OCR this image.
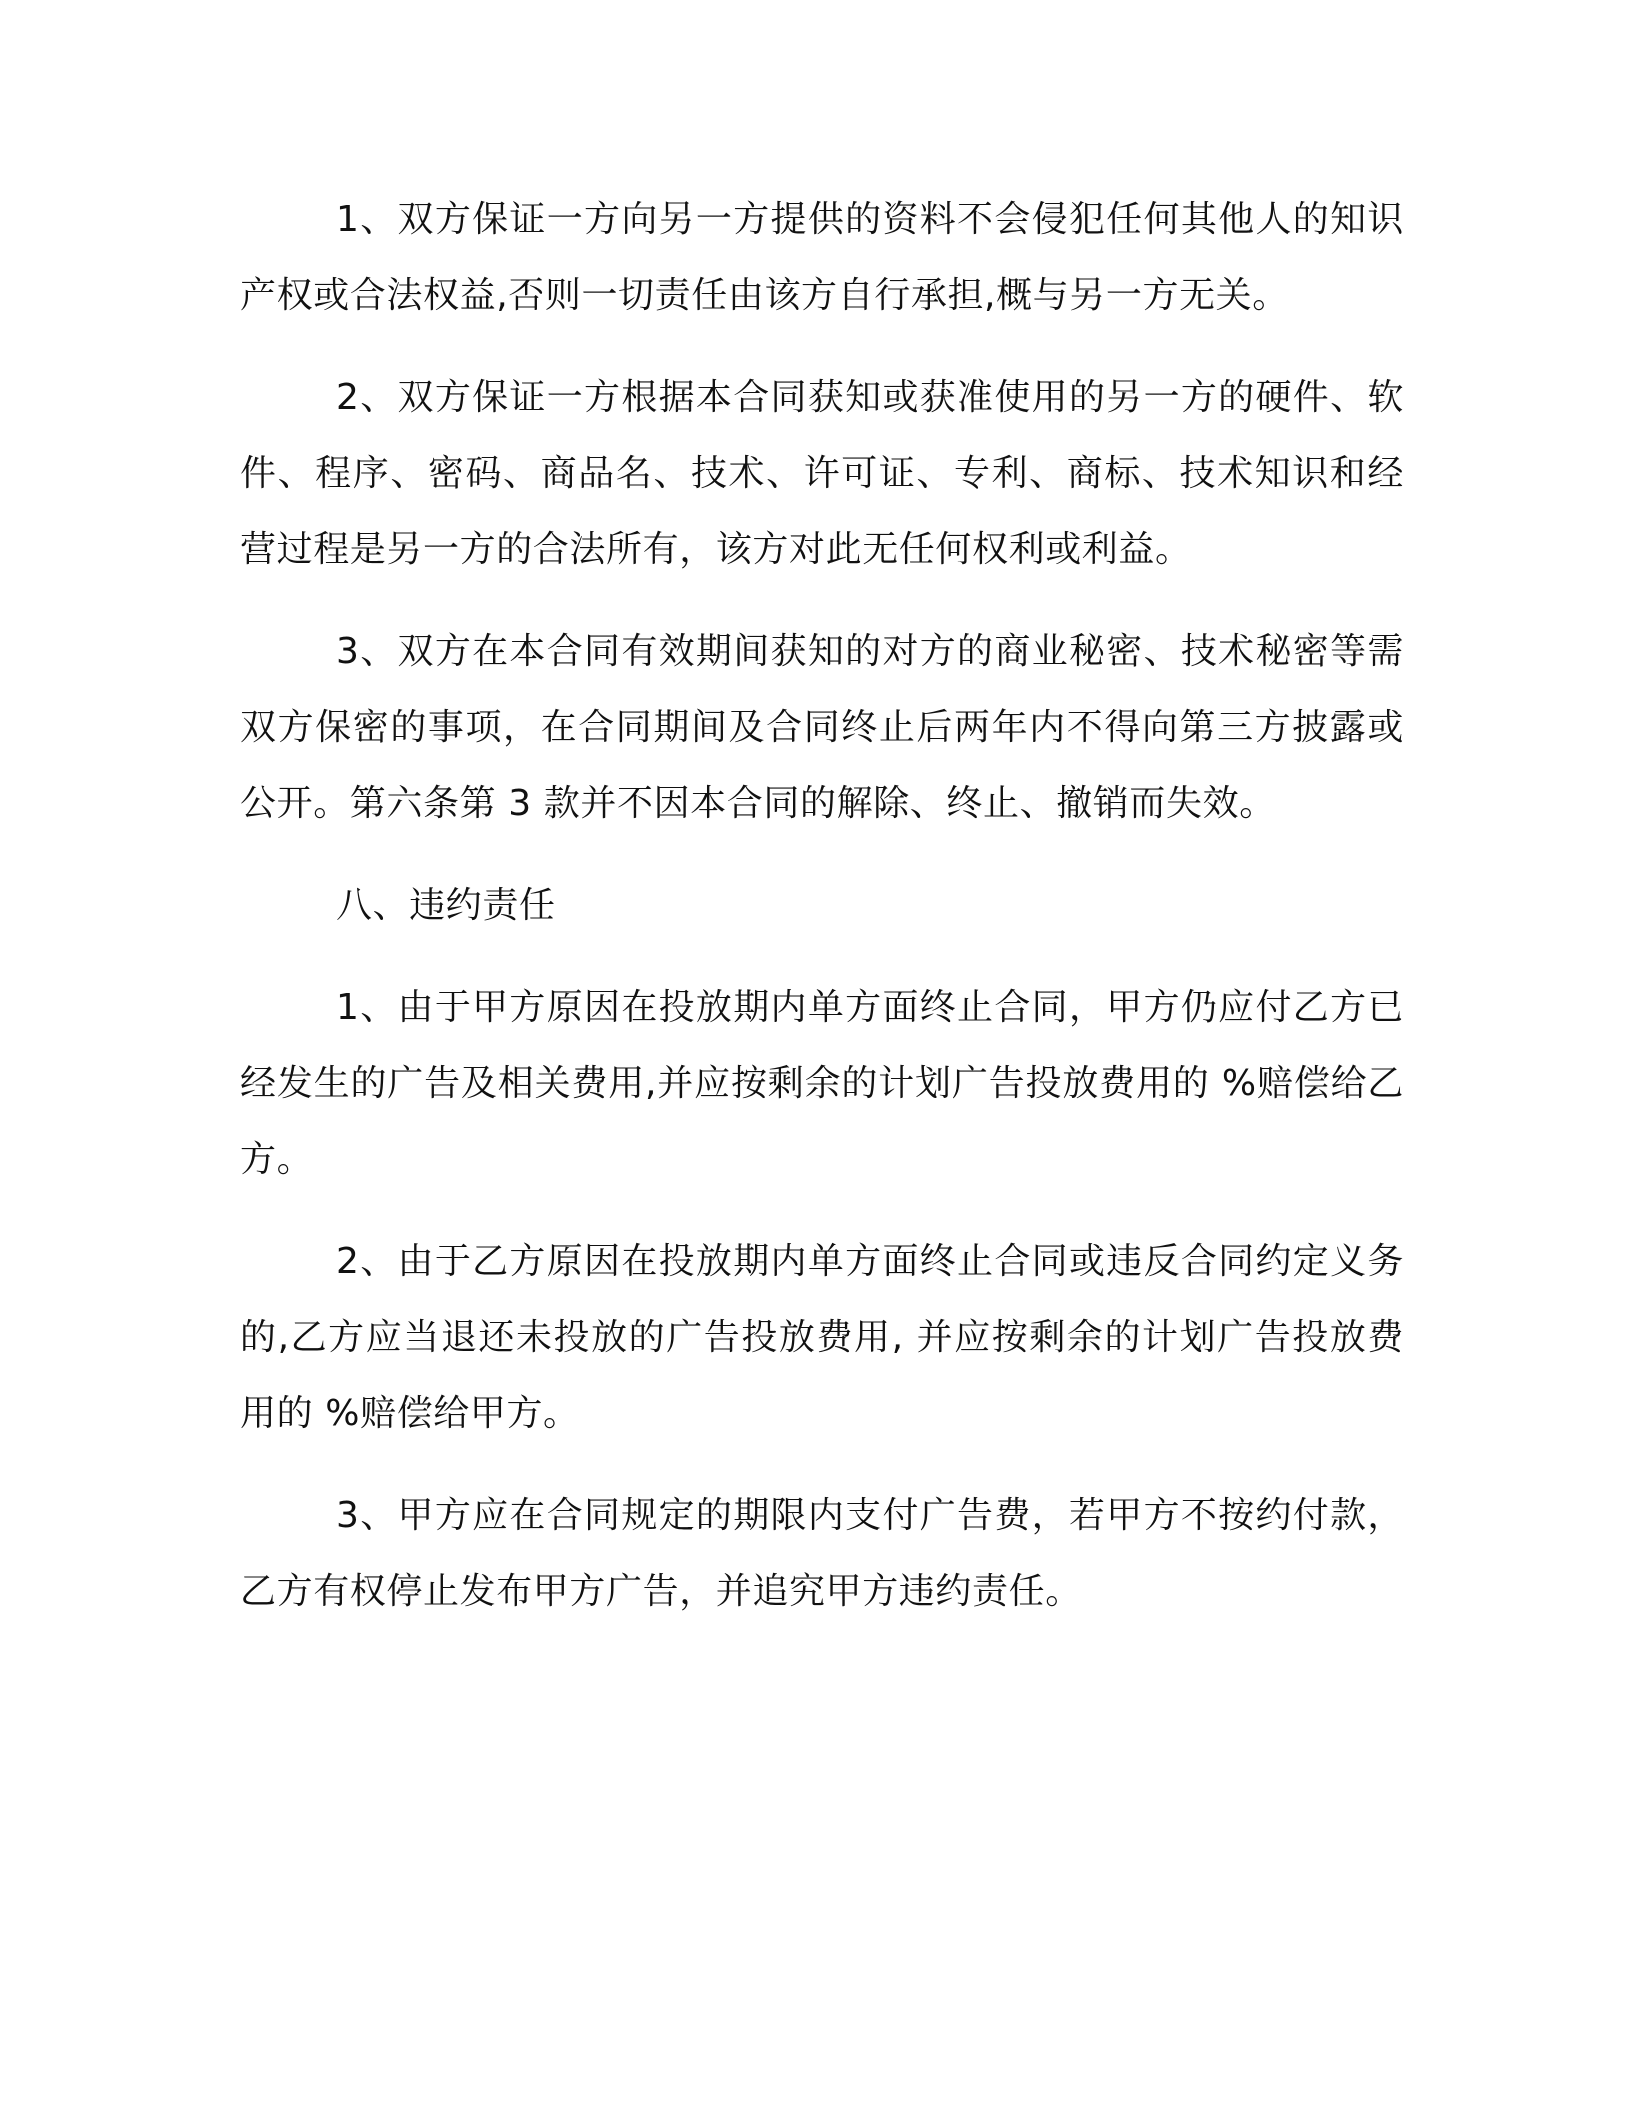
1、双方保证一方向另一方提供的资料不会侵犯任何其他人的知识产权或合法权益,否则一切责任由该方自行承担,概与另一方无关。

2、双方保证一方根据本合同获知或获准使用的另一方的硬件、软件、程序、密码、商品名、技术、许可证、专利、商标、技术知识和经营过程是另一方的合法所有，该方对此无任何权利或利益。

3、双方在本合同有效期间获知的对方的商业秘密、技术秘密等需双方保密的事项，在合同期间及合同终止后两年内不得向第三方披露或公开。第六条第 3 款并不因本合同的解除、终止、撤销而失效。

八、违约责任

1、由于甲方原因在投放期内单方面终止合同，甲方仍应付乙方已经发生的广告及相关费用,并应按剩余的计划广告投放费用的 %赔偿给乙方。

2、由于乙方原因在投放期内单方面终止合同或违反合同约定义务的,乙方应当退还未投放的广告投放费用, 并应按剩余的计划广告投放费用的 %赔偿给甲方。

3、甲方应在合同规定的期限内支付广告费，若甲方不按约付款，乙方有权停止发布甲方广告，并追究甲方违约责任。
